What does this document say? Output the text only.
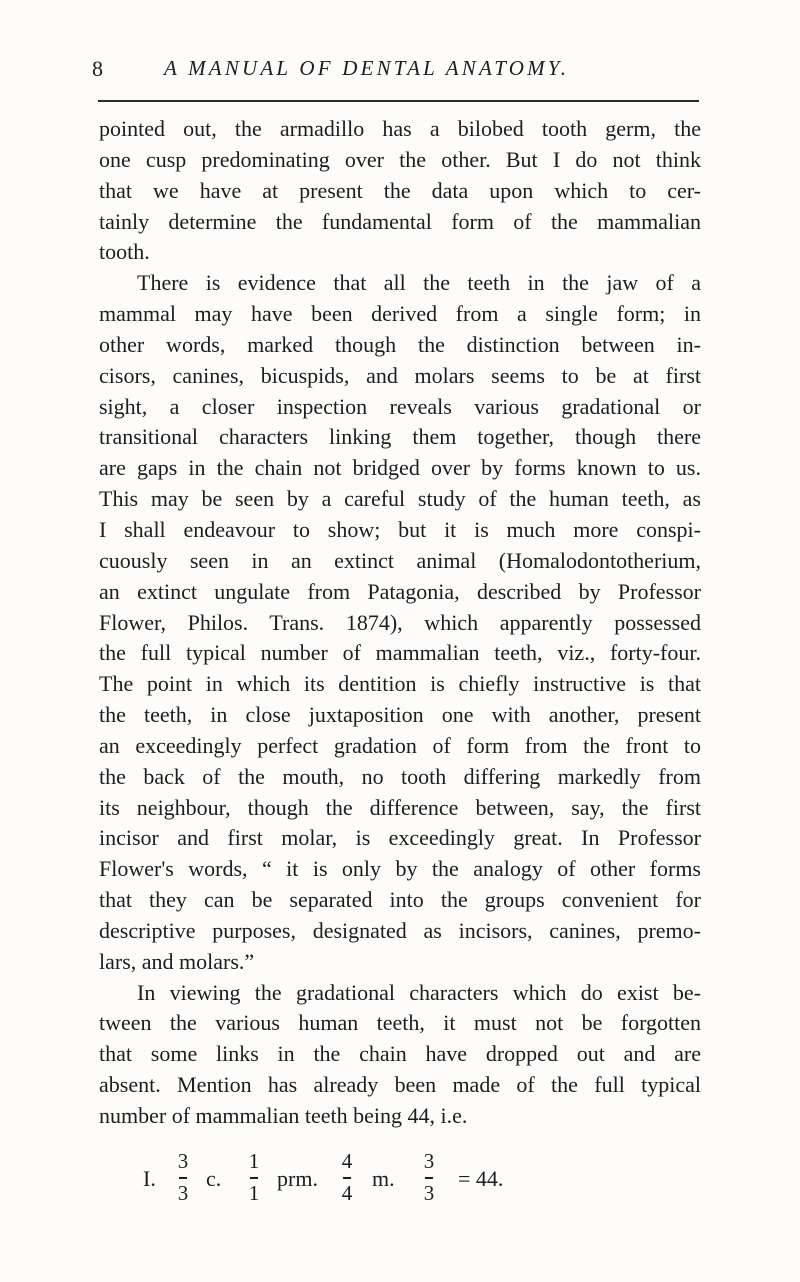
8	A MANUAL OF DENTAL ANATOMY.
pointed out, the armadillo has a bilobed tooth germ, the
one cusp predominating over the other. But I do not think
that we have at present the data upon which to cer-
tainly determine the fundamental form of the mammalian
tooth.
There is evidence that all the teeth in the jaw of a
mammal may have been derived from a single form; in
other words, marked though the distinction between in-
cisors, canines, bicuspids, and molars seems to be at first
sight, a closer inspection reveals various gradational or
transitional characters linking them together, though there
are gaps in the chain not bridged over by forms known to us.
This may be seen by a careful study of the human teeth, as
I shall endeavour to show; but it is much more conspi-
cuously seen in an extinct animal (Homalodontotherium,
an extinct ungulate from Patagonia, described by Professor
Flower, Philos. Trans. 1874), which apparently possessed
the full typical number of mammalian teeth, viz., forty-four.
The point in which its dentition is chiefly instructive is that
the teeth, in close juxtaposition one with another, present
an exceedingly perfect gradation of form from the front to
the back of the mouth, no tooth differing markedly from
its neighbour, though the difference between, say, the first
incisor and first molar, is exceedingly great. In Professor
Flower's words, “ it is only by the analogy of other forms
that they can be separated into the groups convenient for
descriptive purposes, designated as incisors, canines, premo-
lars, and molars.”
In viewing the gradational characters which do exist be-
tween the various human teeth, it must not be forgotten
that some links in the chain have dropped out and are
absent. Mention has already been made of the full typical
number of mammalian teeth being 44, i.e.
I.
3
3
c.
1
1
prm.
4
4
m.
3
3
= 44.
